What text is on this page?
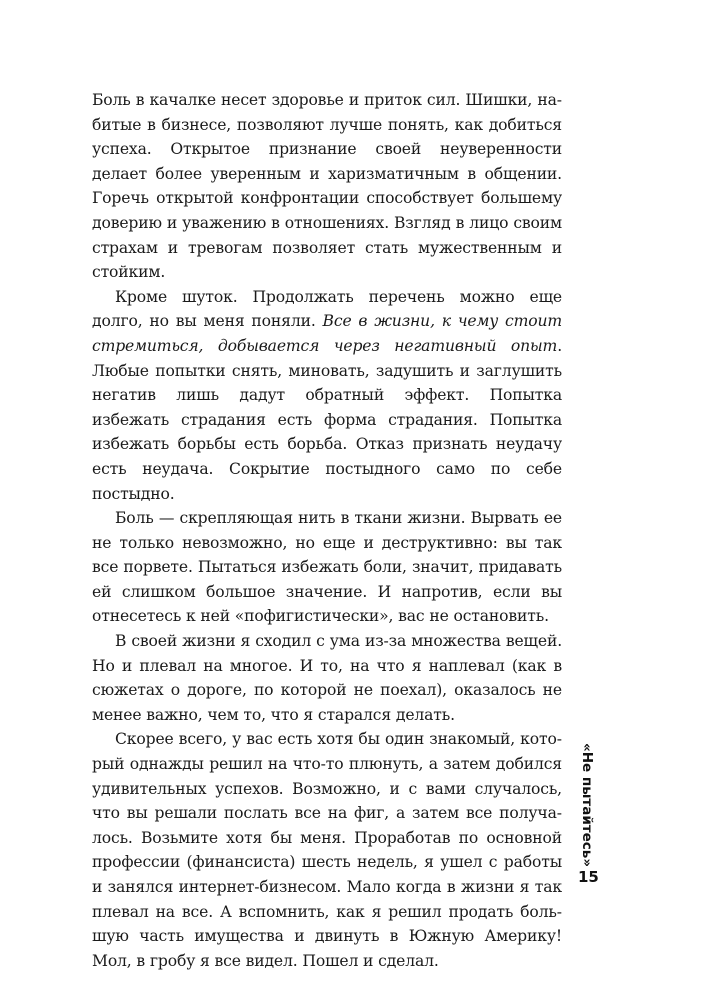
Боль в качалке несет здоровье и приток сил. Шишки, набитые в бизнесе, позволяют лучше понять, как добиться успеха. Открытое признание своей неуверенности делает более уверенным и харизматичным в общении. Горечь открытой конфронтации способствует большему доверию и уважению в отношениях. Взгляд в лицо своим страхам и тревогам позволяет стать мужественным и стойким.

Кроме шуток. Продолжать перечень можно еще долго, но вы меня поняли. Все в жизни, к чему стоит стремиться, добывается через негативный опыт. Любые попытки снять, миновать, задушить и заглушить негатив лишь дадут обратный эффект. Попытка избежать страдания есть форма страдания. Попытка избежать борьбы есть борьба. Отказ признать неудачу есть неудача. Сокрытие постыдного само по себе постыдно.

Боль — скрепляющая нить в ткани жизни. Вырвать ее не только невозможно, но еще и деструктивно: вы так все порвете. Пытаться избежать боли, значит, придавать ей слишком большое значение. И напротив, если вы отнесетесь к ней «пофигистически», вас не остановить.

В своей жизни я сходил с ума из-за множества вещей. Но и плевал на многое. И то, на что я наплевал (как в сюжетах о дороге, по которой не поехал), оказалось не менее важно, чем то, что я старался делать.

Скорее всего, у вас есть хотя бы один знакомый, который однажды решил на что-то плюнуть, а затем добился удивительных успехов. Возможно, и с вами случалось, что вы решали послать все на фиг, а затем все получалось. Возьмите хотя бы меня. Проработав по основной профессии (финансиста) шесть недель, я ушел с работы и занялся интернет-бизнесом. Мало когда в жизни я так плевал на все. А вспомнить, как я решил продать большую часть имущества и двинуть в Южную Америку! Мол, в гробу я все видел. Пошел и сделал.

«Не пытайтесь»
15
